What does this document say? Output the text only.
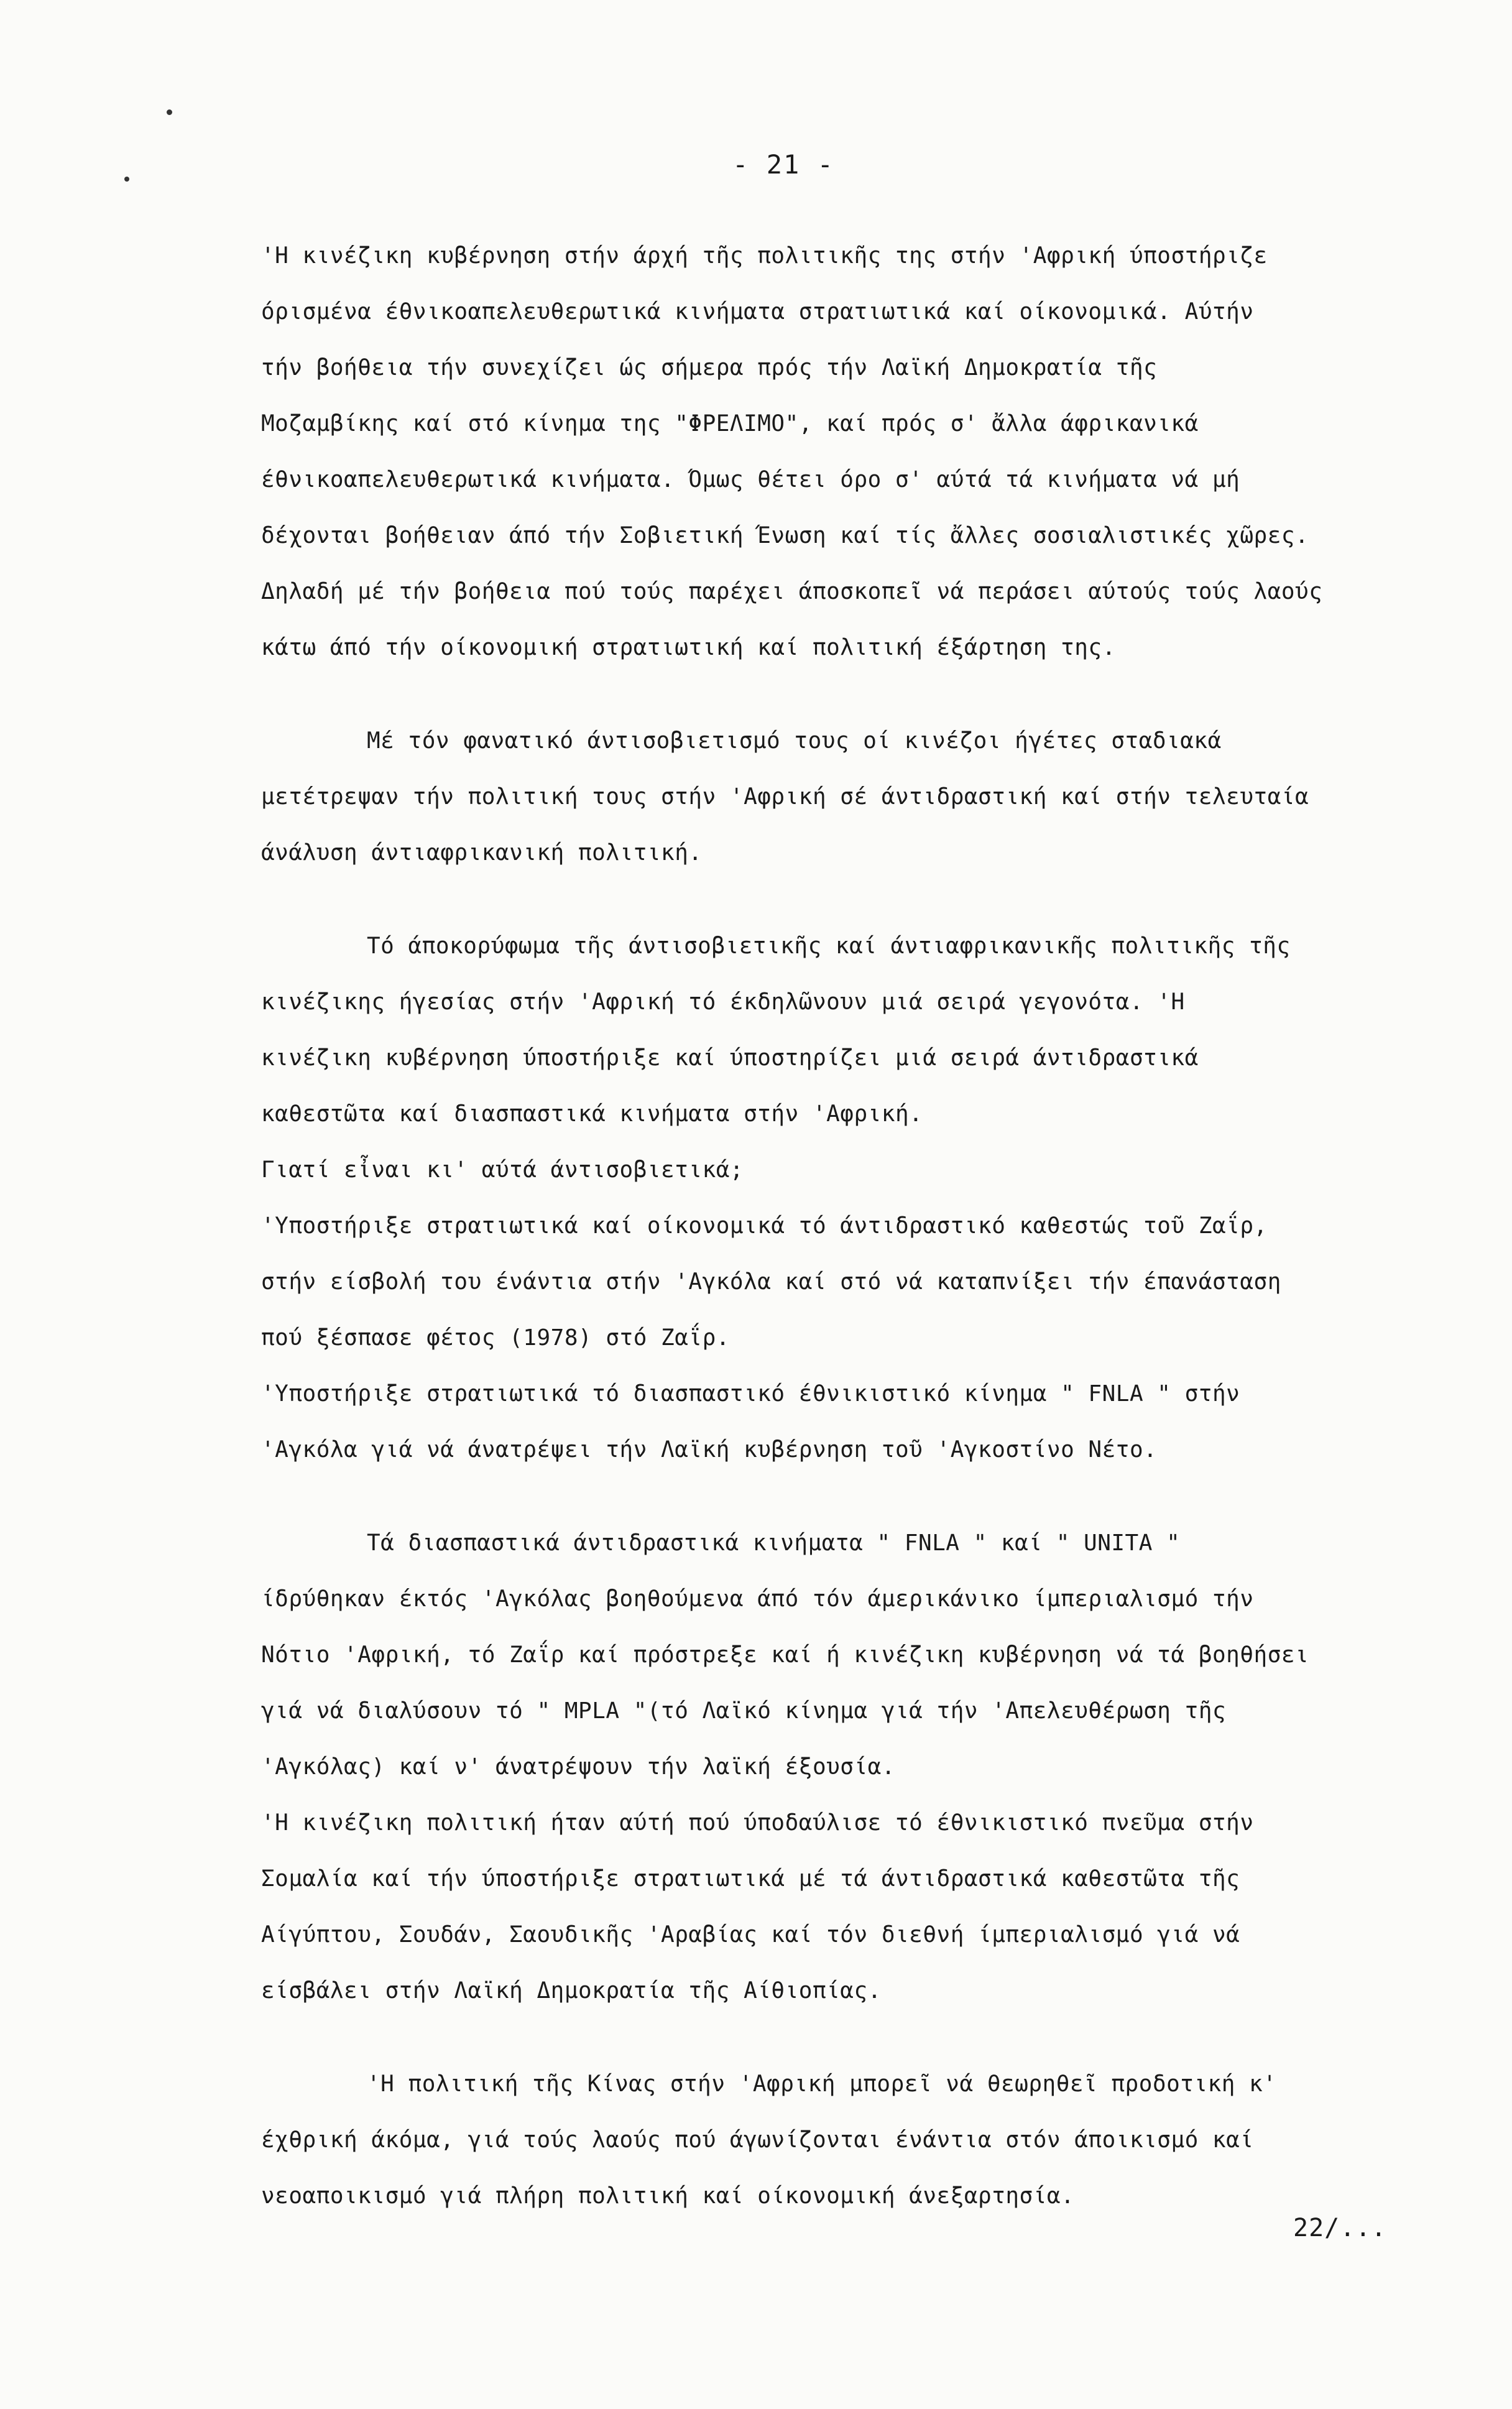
- 21 -
'Η κινέζικη κυβέρνηση στήν άρχή τῆς πολιτικῆς της στήν 'Αφρική ύποστήριζε
όρισμένα έθνικοαπελευθερωτικά κινήματα στρατιωτικά καί οίκονομικά. Αύτήν
τήν βοήθεια τήν συνεχίζει ώς σήμερα πρός τήν Λαϊκή Δημοκρατία τῆς
Μοζαμβίκης καί στό κίνημα της "ΦΡΕΛΙΜΟ", καί πρός σ' ἄλλα άφρικανικά
έθνικοαπελευθερωτικά κινήματα. Όμως θέτει όρο σ' αύτά τά κινήματα νά μή
δέχονται βοήθειαν άπό τήν Σοβιετική Ένωση καί τίς ἄλλες σοσιαλιστικές χῶρες.
Δηλαδή μέ τήν βοήθεια πού τούς παρέχει άποσκοπεῖ νά περάσει αύτούς τούς λαούς
κάτω άπό τήν οίκονομική στρατιωτική καί πολιτική έξάρτηση της.
Μέ τόν φανατικό άντισοβιετισμό τους οί κινέζοι ήγέτες σταδιακά
μετέτρεψαν τήν πολιτική τους στήν 'Αφρική σέ άντιδραστική καί στήν τελευταία
άνάλυση άντιαφρικανική πολιτική.
Τό άποκορύφωμα τῆς άντισοβιετικῆς καί άντιαφρικανικῆς πολιτικῆς τῆς
κινέζικης ήγεσίας στήν 'Αφρική τό έκδηλῶνουν μιά σειρά γεγονότα. 'Η
κινέζικη κυβέρνηση ύποστήριξε καί ύποστηρίζει μιά σειρά άντιδραστικά
καθεστῶτα καί διασπαστικά κινήματα στήν 'Αφρική.
Γιατί εἶναι κι' αύτά άντισοβιετικά;
'Υποστήριξε στρατιωτικά καί οίκονομικά τό άντιδραστικό καθεστώς τοῦ Ζαΐρ,
στήν είσβολή του ένάντια στήν 'Αγκόλα καί στό νά καταπνίξει τήν έπανάσταση
πού ξέσπασε φέτος (1978) στό Ζαΐρ.
'Υποστήριξε στρατιωτικά τό διασπαστικό έθνικιστικό κίνημα " FNLA " στήν
'Αγκόλα γιά νά άνατρέψει τήν Λαϊκή κυβέρνηση τοῦ 'Αγκοστίνο Νέτο.
Τά διασπαστικά άντιδραστικά κινήματα " FNLA " καί " UNITA "
ίδρύθηκαν έκτός 'Αγκόλας βοηθούμενα άπό τόν άμερικάνικο ίμπεριαλισμό τήν
Νότιο 'Αφρική, τό Ζαΐρ καί πρόστρεξε καί ή κινέζικη κυβέρνηση νά τά βοηθήσει
γιά νά διαλύσουν τό " MPLA "(τό Λαϊκό κίνημα γιά τήν 'Απελευθέρωση τῆς
'Αγκόλας) καί ν' άνατρέψουν τήν λαϊκή έξουσία.
'Η κινέζικη πολιτική ήταν αύτή πού ύποδαύλισε τό έθνικιστικό πνεῦμα στήν
Σομαλία καί τήν ύποστήριξε στρατιωτικά μέ τά άντιδραστικά καθεστῶτα τῆς
Αίγύπτου, Σουδάν, Σαουδικῆς 'Αραβίας καί τόν διεθνή ίμπεριαλισμό γιά νά
είσβάλει στήν Λαϊκή Δημοκρατία τῆς Αίθιοπίας.
'Η πολιτική τῆς Κίνας στήν 'Αφρική μπορεῖ νά θεωρηθεῖ προδοτική κ'
έχθρική άκόμα, γιά τούς λαούς πού άγωνίζονται ένάντια στόν άποικισμό καί
νεοαποικισμό γιά πλήρη πολιτική καί οίκονομική άνεξαρτησία.
22/...
